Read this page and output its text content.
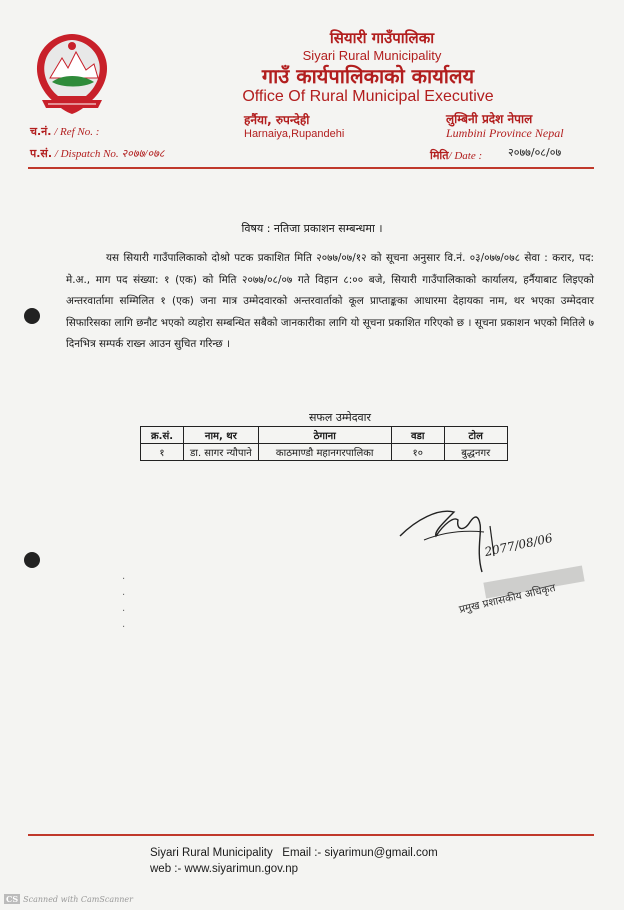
सियारी गाउँपालिका
Siyari Rural Municipality
गाउँ कार्यपालिकाको कार्यालय
Office Of Rural Municipal Executive
हर्नैया, रुपन्देही
Harnaiya,Rupandehi
लुम्बिनी प्रदेश नेपाल
Lumbini Province Nepal
च.नं. / Ref No. :
प.सं. / Dispatch No. २०७७/०७८	मिति/ Date : २०७७/०८/०७
विषय : नतिजा प्रकाशन सम्बन्धमा ।

यस सियारी गाउँपालिकाको दोश्रो पटक प्रकाशित मिति २०७७/०७/१२ को सूचना अनुसार वि.नं. ०३/०७७/०७८ सेवा : करार, पद: मे.अ., माग पद संख्या: १ (एक) को मिति २०७७/०८/०७ गते विहान ८:०० बजे, सियारी गाउँपालिकाको कार्यालय, हर्नैयाबाट लिइएको अन्तरवार्तामा सम्मिलित १ (एक) जना मात्र उम्मेदवारको अन्तरवार्ताको कूल प्राप्ताङ्कका आधारमा देहायका नाम, थर भएका उम्मेदवार सिफारिसका लागि छनौट भएको व्यहोरा सम्बन्धित सबैको जानकारीका लागि यो सूचना प्रकाशित गरिएको छ । सूचना प्रकाशन भएको मितिले ७ दिनभित्र सम्पर्क राख्न आउन सुचित गरिन्छ ।

सफल उम्मेदवार
क्र.सं.	नाम, थर	ठेगाना	वडा	टोल
१	डा. सागर न्यौपाने	काठमाण्डौ महानगरपालिका	१०	बुद्धनगर
2077/08/06
प्रमुख प्रशासकीय अधिकृत
·
·
·
·
Siyari Rural Municipality   Email :- siyarimun@gmail.com
web :- www.siyarimun.gov.np
CS Scanned with CamScanner
